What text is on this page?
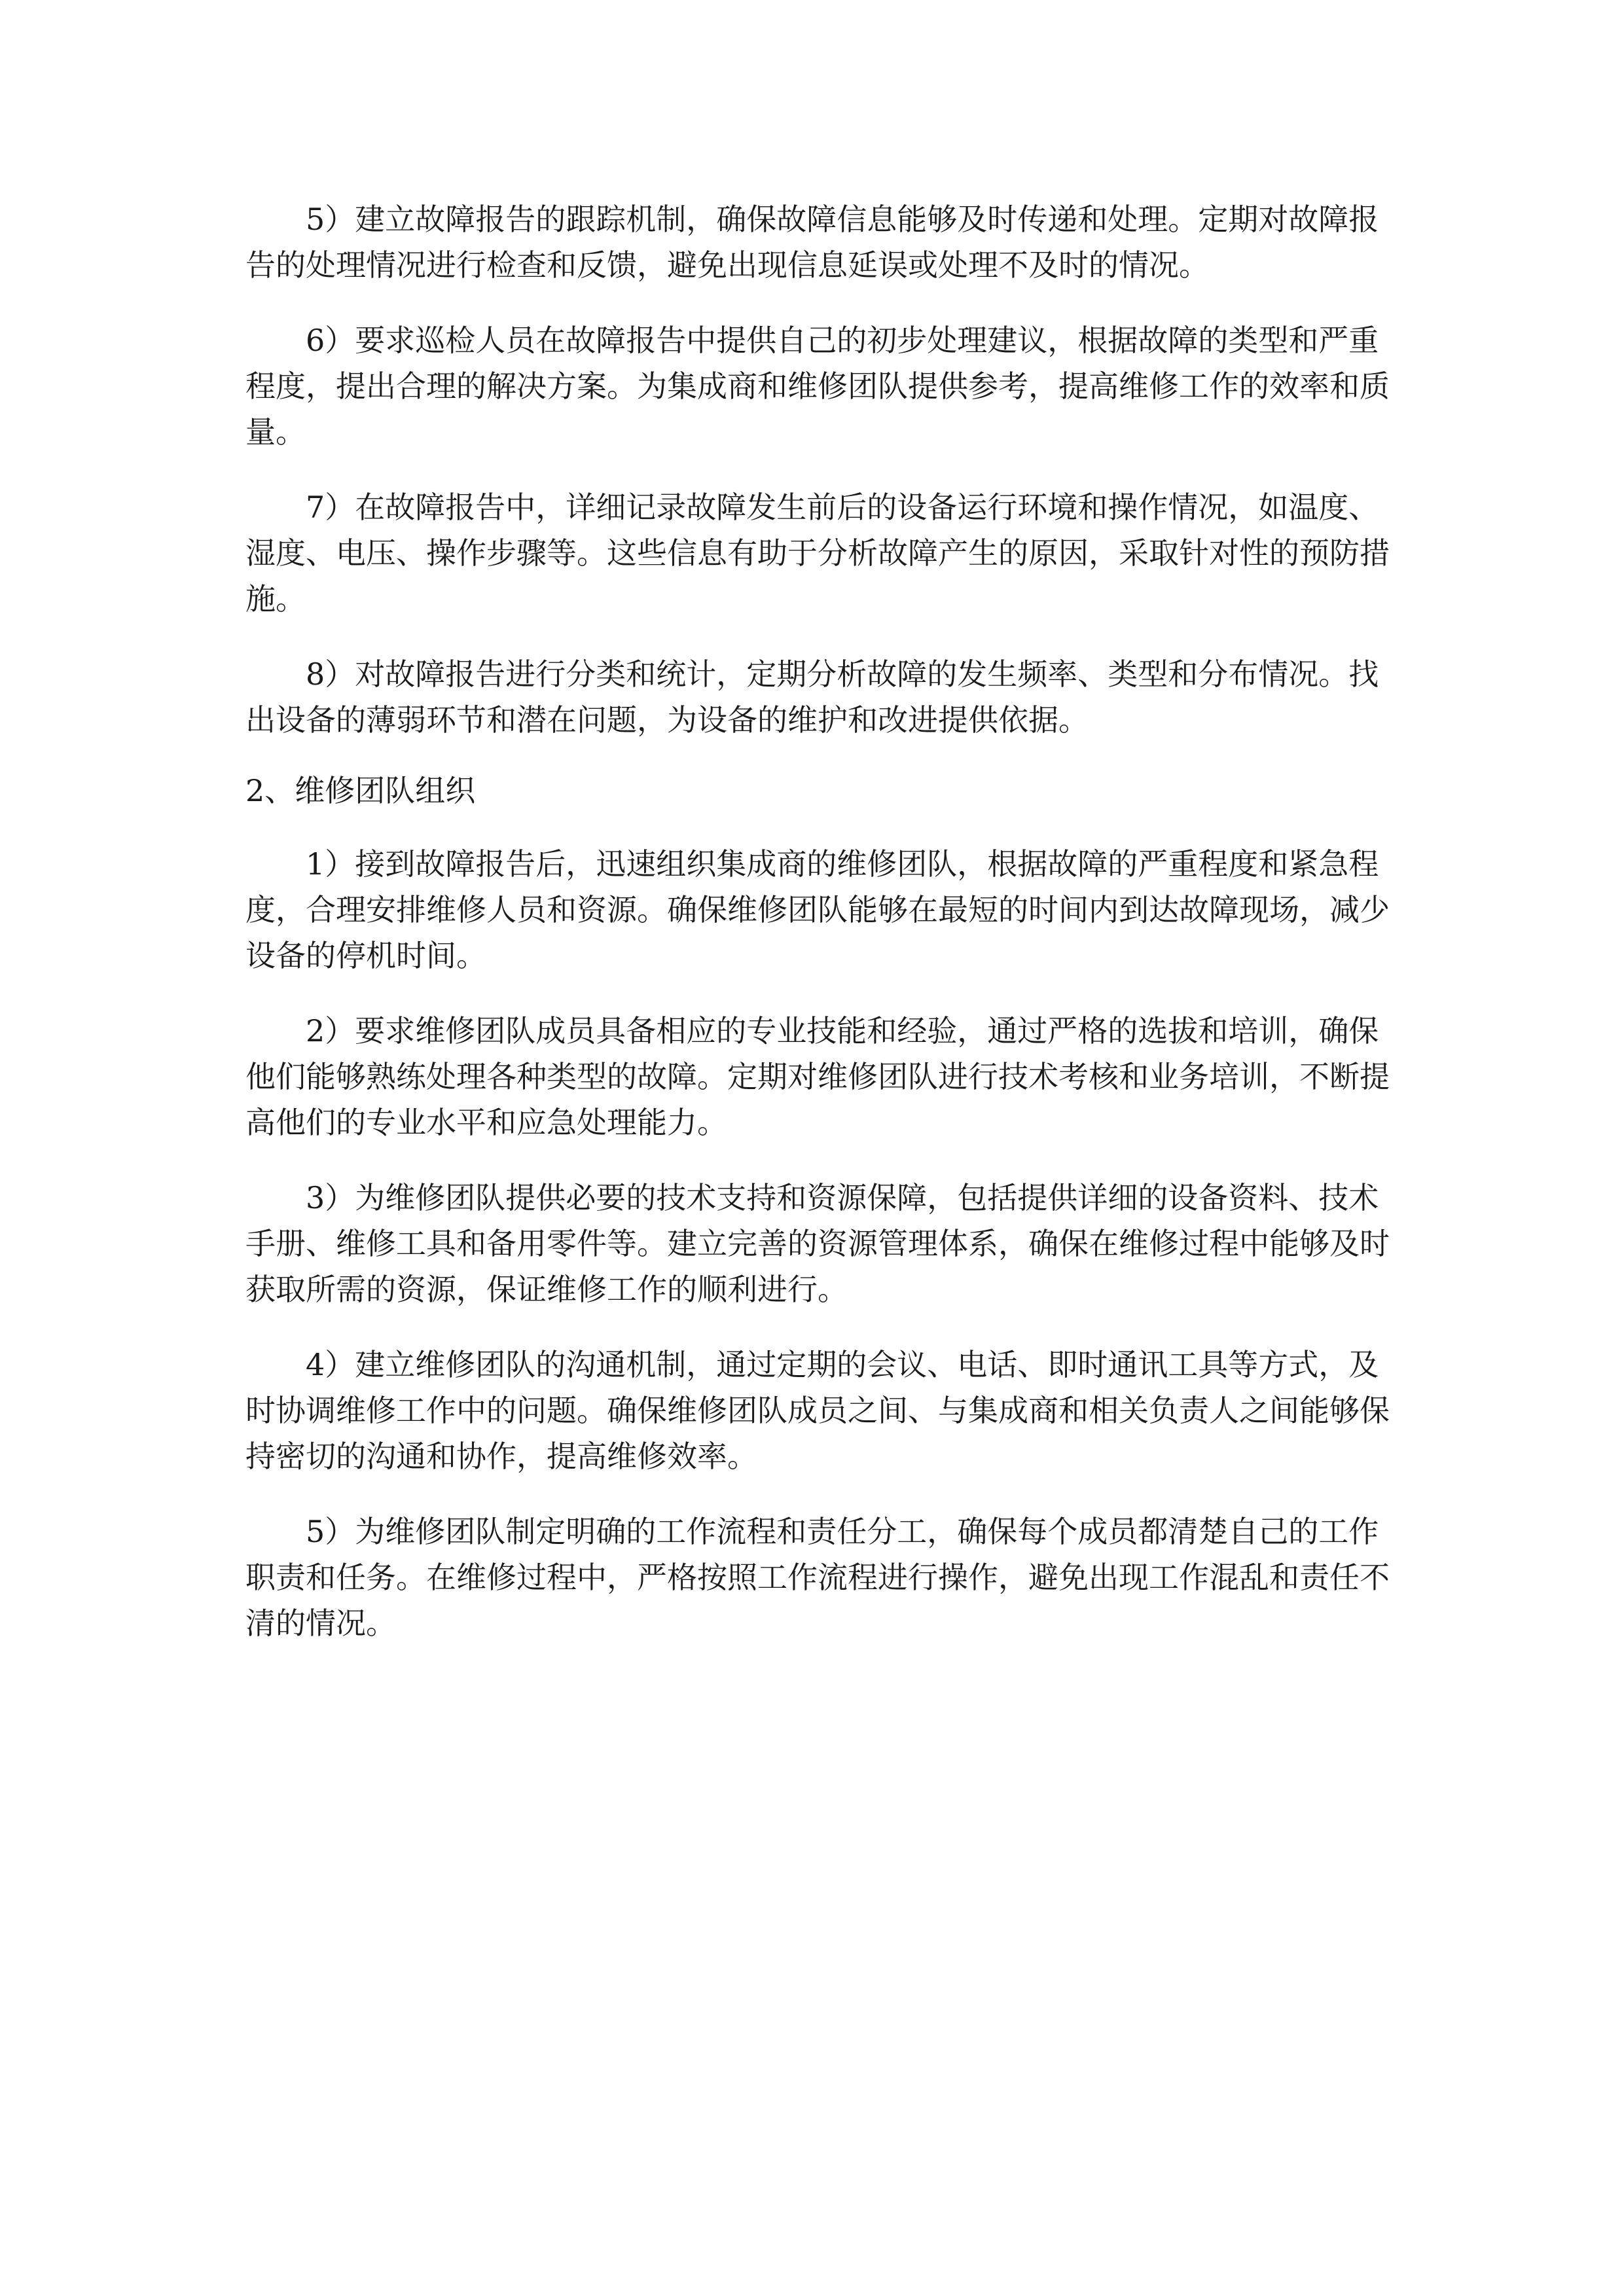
5）建立故障报告的跟踪机制，确保故障信息能够及时传递和处理。定期对故障报告的处理情况进行检查和反馈，避免出现信息延误或处理不及时的情况。

6）要求巡检人员在故障报告中提供自己的初步处理建议，根据故障的类型和严重程度，提出合理的解决方案。为集成商和维修团队提供参考，提高维修工作的效率和质量。

7）在故障报告中，详细记录故障发生前后的设备运行环境和操作情况，如温度、湿度、电压、操作步骤等。这些信息有助于分析故障产生的原因，采取针对性的预防措施。

8）对故障报告进行分类和统计，定期分析故障的发生频率、类型和分布情况。找出设备的薄弱环节和潜在问题，为设备的维护和改进提供依据。

2、维修团队组织

1）接到故障报告后，迅速组织集成商的维修团队，根据故障的严重程度和紧急程度，合理安排维修人员和资源。确保维修团队能够在最短的时间内到达故障现场，减少设备的停机时间。

2）要求维修团队成员具备相应的专业技能和经验，通过严格的选拔和培训，确保他们能够熟练处理各种类型的故障。定期对维修团队进行技术考核和业务培训，不断提高他们的专业水平和应急处理能力。

3）为维修团队提供必要的技术支持和资源保障，包括提供详细的设备资料、技术手册、维修工具和备用零件等。建立完善的资源管理体系，确保在维修过程中能够及时获取所需的资源，保证维修工作的顺利进行。

4）建立维修团队的沟通机制，通过定期的会议、电话、即时通讯工具等方式，及时协调维修工作中的问题。确保维修团队成员之间、与集成商和相关负责人之间能够保持密切的沟通和协作，提高维修效率。

5）为维修团队制定明确的工作流程和责任分工，确保每个成员都清楚自己的工作职责和任务。在维修过程中，严格按照工作流程进行操作，避免出现工作混乱和责任不清的情况。
